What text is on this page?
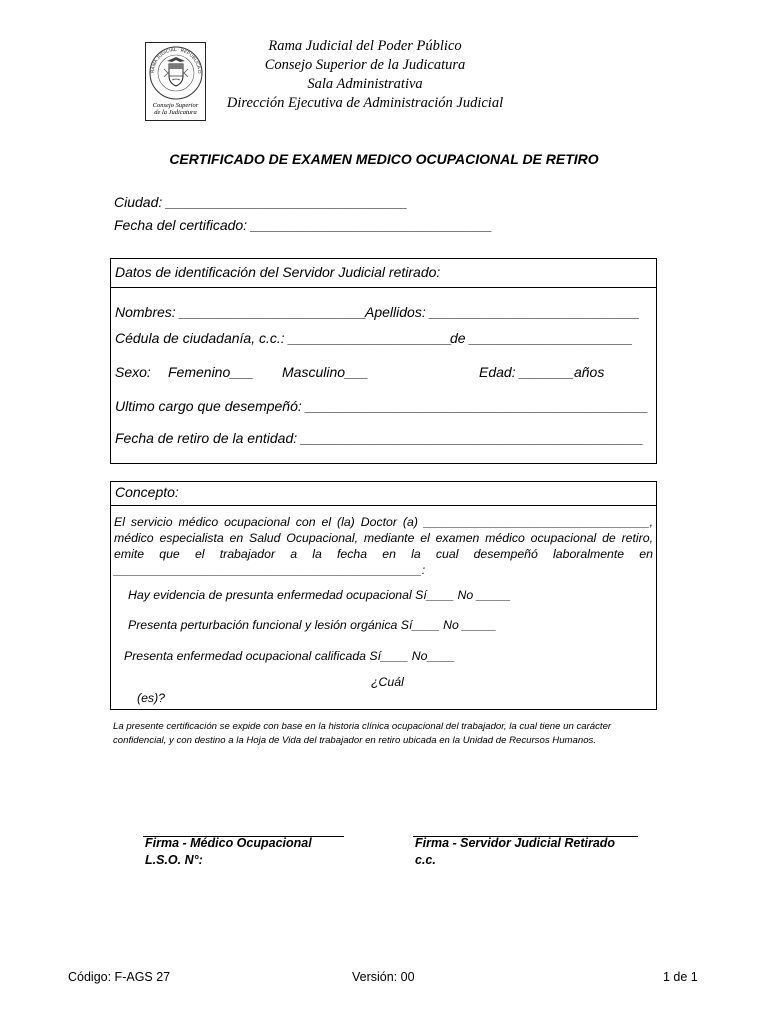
RAMA JUDICIAL · REPUBLICA D
Consejo Superior
de la Judicatura
Rama Judicial del Poder Público
Consejo Superior de la Judicatura
Sala Administrativa
Dirección Ejecutiva de Administración Judicial
CERTIFICADO DE EXAMEN MEDICO OCUPACIONAL DE RETIRO
Ciudad: _______________________________
Fecha del certificado: _______________________________
Datos de identificación del Servidor Judicial retirado:
Nombres: ________________________
Apellidos: ___________________________
Cédula de ciudadanía, c.c.: _____________________
de _____________________
Sexo: Femenino___ Masculino___	Edad: _______años
Ultimo cargo que desempeñó: ____________________________________________
Fecha de retiro de la entidad: ____________________________________________
Concepto:
El servicio médico ocupacional con el (la) Doctor (a) _________________________________,
médico especialista en Salud Ocupacional, mediante el examen médico ocupacional de retiro,
emite que el trabajador a la fecha en la cual desempeñó laboralmente en
_____________________________________________:
Hay evidencia de presunta enfermedad ocupacional Sí____ No _____
Presenta perturbación funcional y lesión orgánica Sí____ No _____
Presenta enfermedad ocupacional calificada Sí____ No____
¿Cuál
(es)?
La presente certificación se expide con base en la historia clínica ocupacional del trabajador, la cual tiene un carácter confidencial, y con destino a la Hoja de Vida del trabajador en retiro ubicada en la Unidad de Recursos Humanos.
Firma - Médico Ocupacional
L.S.O. N°:
Firma - Servidor Judicial Retirado
c.c.
Código: F-AGS 27	Versión: 00	1 de 1
